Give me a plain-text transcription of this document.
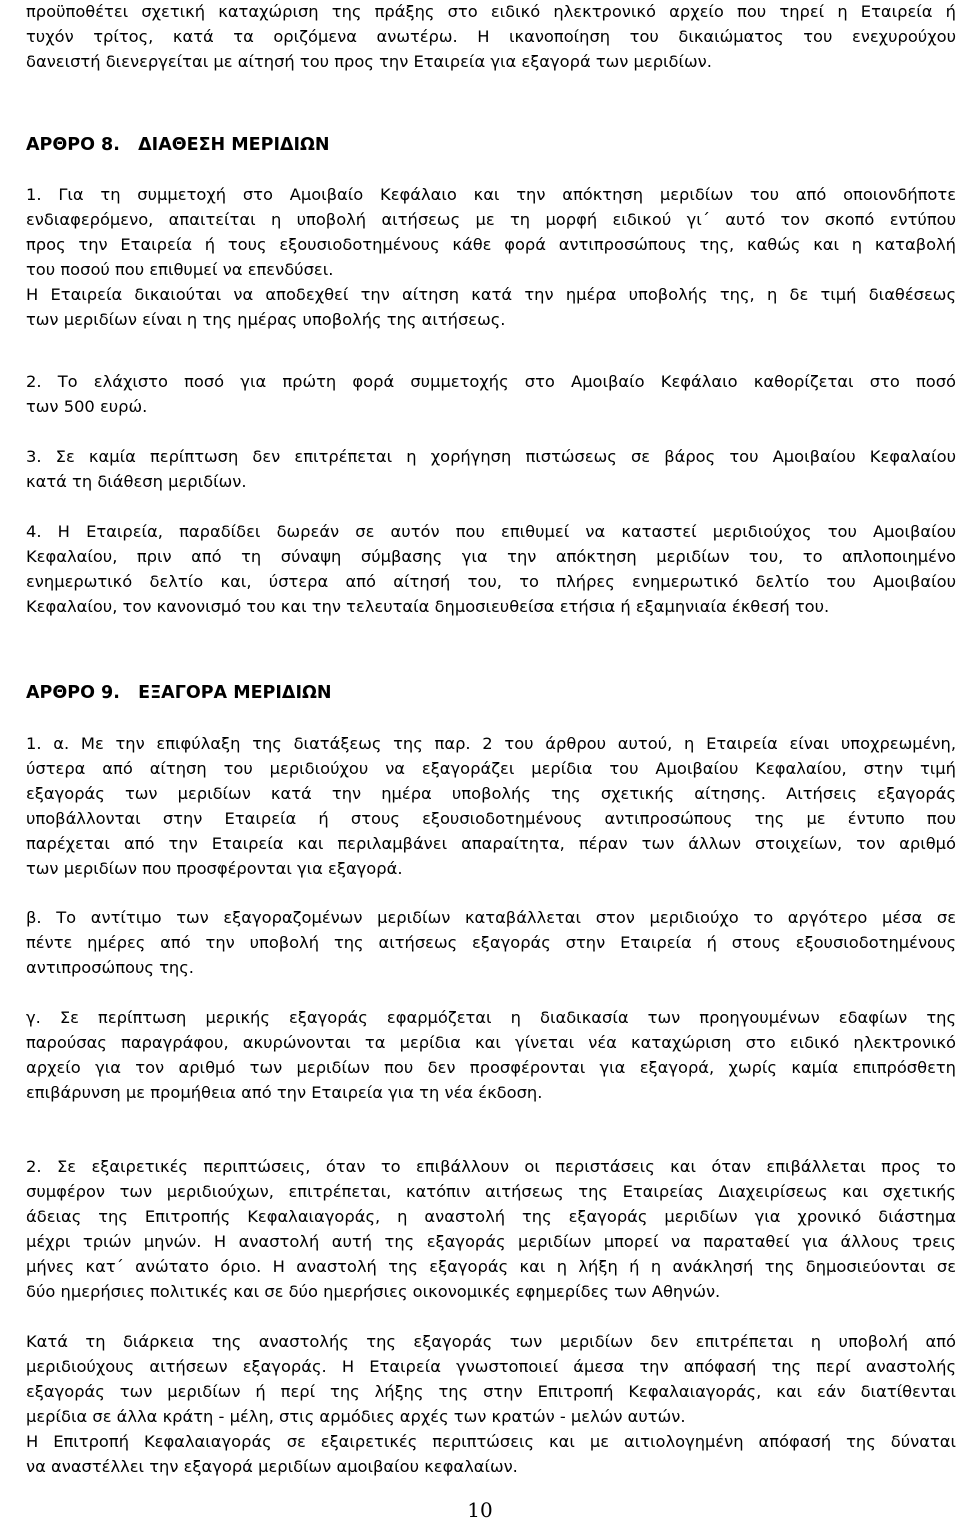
προϋποθέτει σχετική καταχώριση της πράξης στο ειδικό ηλεκτρονικό αρχείο που τηρεί η Εταιρεία ή
τυχόν τρίτος, κατά τα οριζόμενα ανωτέρω. Η ικανοποίηση του δικαιώματος του ενεχυρούχου
δανειστή διενεργείται με αίτησή του προς την Εταιρεία για εξαγορά των μεριδίων.
ΑΡΘΡΟ 8.   ΔΙΑΘΕΣΗ ΜΕΡΙΔΙΩΝ
1. Για τη συμμετοχή στο Αμοιβαίο Κεφάλαιο και την απόκτηση μεριδίων του από οποιονδήποτε
ενδιαφερόμενο, απαιτείται η υποβολή αιτήσεως με τη μορφή ειδικού γι΄ αυτό τον σκοπό εντύπου
προς την Εταιρεία ή τους εξουσιοδοτημένους κάθε φορά αντιπροσώπους της, καθώς και η καταβολή
του ποσού που επιθυμεί να επενδύσει.
Η Εταιρεία δικαιούται να αποδεχθεί την αίτηση κατά την ημέρα υποβολής της, η δε τιμή διαθέσεως
των μεριδίων είναι η της ημέρας υποβολής της αιτήσεως.
2. Το ελάχιστο ποσό για πρώτη φορά συμμετοχής στο Αμοιβαίο Κεφάλαιο καθορίζεται στο ποσό
των 500 ευρώ.
3. Σε καμία περίπτωση δεν επιτρέπεται η χορήγηση πιστώσεως σε βάρος του Αμοιβαίου Κεφαλαίου
κατά τη διάθεση μεριδίων.
4. Η Εταιρεία, παραδίδει δωρεάν σε αυτόν που επιθυμεί να καταστεί μεριδιούχος του Αμοιβαίου
Κεφαλαίου, πριν από τη σύναψη σύμβασης για την απόκτηση μεριδίων του, το απλοποιημένο
ενημερωτικό δελτίο και, ύστερα από αίτησή του, το πλήρες ενημερωτικό δελτίο του Αμοιβαίου
Κεφαλαίου, τον κανονισμό του και την τελευταία δημοσιευθείσα ετήσια ή εξαμηνιαία έκθεσή του.
ΑΡΘΡΟ 9.   ΕΞΑΓΟΡΑ ΜΕΡΙΔΙΩΝ
1. α. Με την επιφύλαξη της διατάξεως της παρ. 2 του άρθρου αυτού, η Εταιρεία είναι υποχρεωμένη,
ύστερα από αίτηση του μεριδιούχου να εξαγοράζει μερίδια του Αμοιβαίου Κεφαλαίου, στην τιμή
εξαγοράς των μεριδίων κατά την ημέρα υποβολής της σχετικής αίτησης. Αιτήσεις εξαγοράς
υποβάλλονται στην Εταιρεία ή στους εξουσιοδοτημένους αντιπροσώπους της με έντυπο που
παρέχεται από την Εταιρεία και περιλαμβάνει απαραίτητα, πέραν των άλλων στοιχείων, τον αριθμό
των μεριδίων που προσφέρονται για εξαγορά.
β. Το αντίτιμο των εξαγοραζομένων μεριδίων καταβάλλεται στον μεριδιούχο το αργότερο μέσα σε
πέντε ημέρες από την υποβολή της αιτήσεως εξαγοράς στην Εταιρεία ή στους εξουσιοδοτημένους
αντιπροσώπους της.
γ. Σε περίπτωση μερικής εξαγοράς εφαρμόζεται η διαδικασία των προηγουμένων εδαφίων της
παρούσας παραγράφου, ακυρώνονται τα μερίδια και γίνεται νέα καταχώριση στο ειδικό ηλεκτρονικό
αρχείο για τον αριθμό των μεριδίων που δεν προσφέρονται για εξαγορά, χωρίς καμία επιπρόσθετη
επιβάρυνση με προμήθεια από την Εταιρεία για τη νέα έκδοση.
2. Σε εξαιρετικές περιπτώσεις, όταν το επιβάλλουν οι περιστάσεις και όταν επιβάλλεται προς το
συμφέρον των μεριδιούχων, επιτρέπεται, κατόπιν αιτήσεως της Εταιρείας Διαχειρίσεως και σχετικής
άδειας της Επιτροπής Κεφαλαιαγοράς, η αναστολή της εξαγοράς μεριδίων για χρονικό διάστημα
μέχρι τριών μηνών. Η αναστολή αυτή της εξαγοράς μεριδίων μπορεί να παραταθεί για άλλους τρεις
μήνες κατ΄ ανώτατο όριο. Η αναστολή της εξαγοράς και η λήξη ή η ανάκλησή της δημοσιεύονται σε
δύο ημερήσιες πολιτικές και σε δύο ημερήσιες οικονομικές εφημερίδες των Αθηνών.
Κατά τη διάρκεια της αναστολής της εξαγοράς των μεριδίων δεν επιτρέπεται η υποβολή από
μεριδιούχους αιτήσεων εξαγοράς. Η Εταιρεία γνωστοποιεί άμεσα την απόφασή της περί αναστολής
εξαγοράς των μεριδίων ή περί της λήξης της στην Επιτροπή Κεφαλαιαγοράς, και εάν διατίθενται
μερίδια σε άλλα κράτη - μέλη, στις αρμόδιες αρχές των κρατών - μελών αυτών.
Η Επιτροπή Κεφαλαιαγοράς σε εξαιρετικές περιπτώσεις και με αιτιολογημένη απόφασή της δύναται
να αναστέλλει την εξαγορά μεριδίων αμοιβαίου κεφαλαίων.
10
